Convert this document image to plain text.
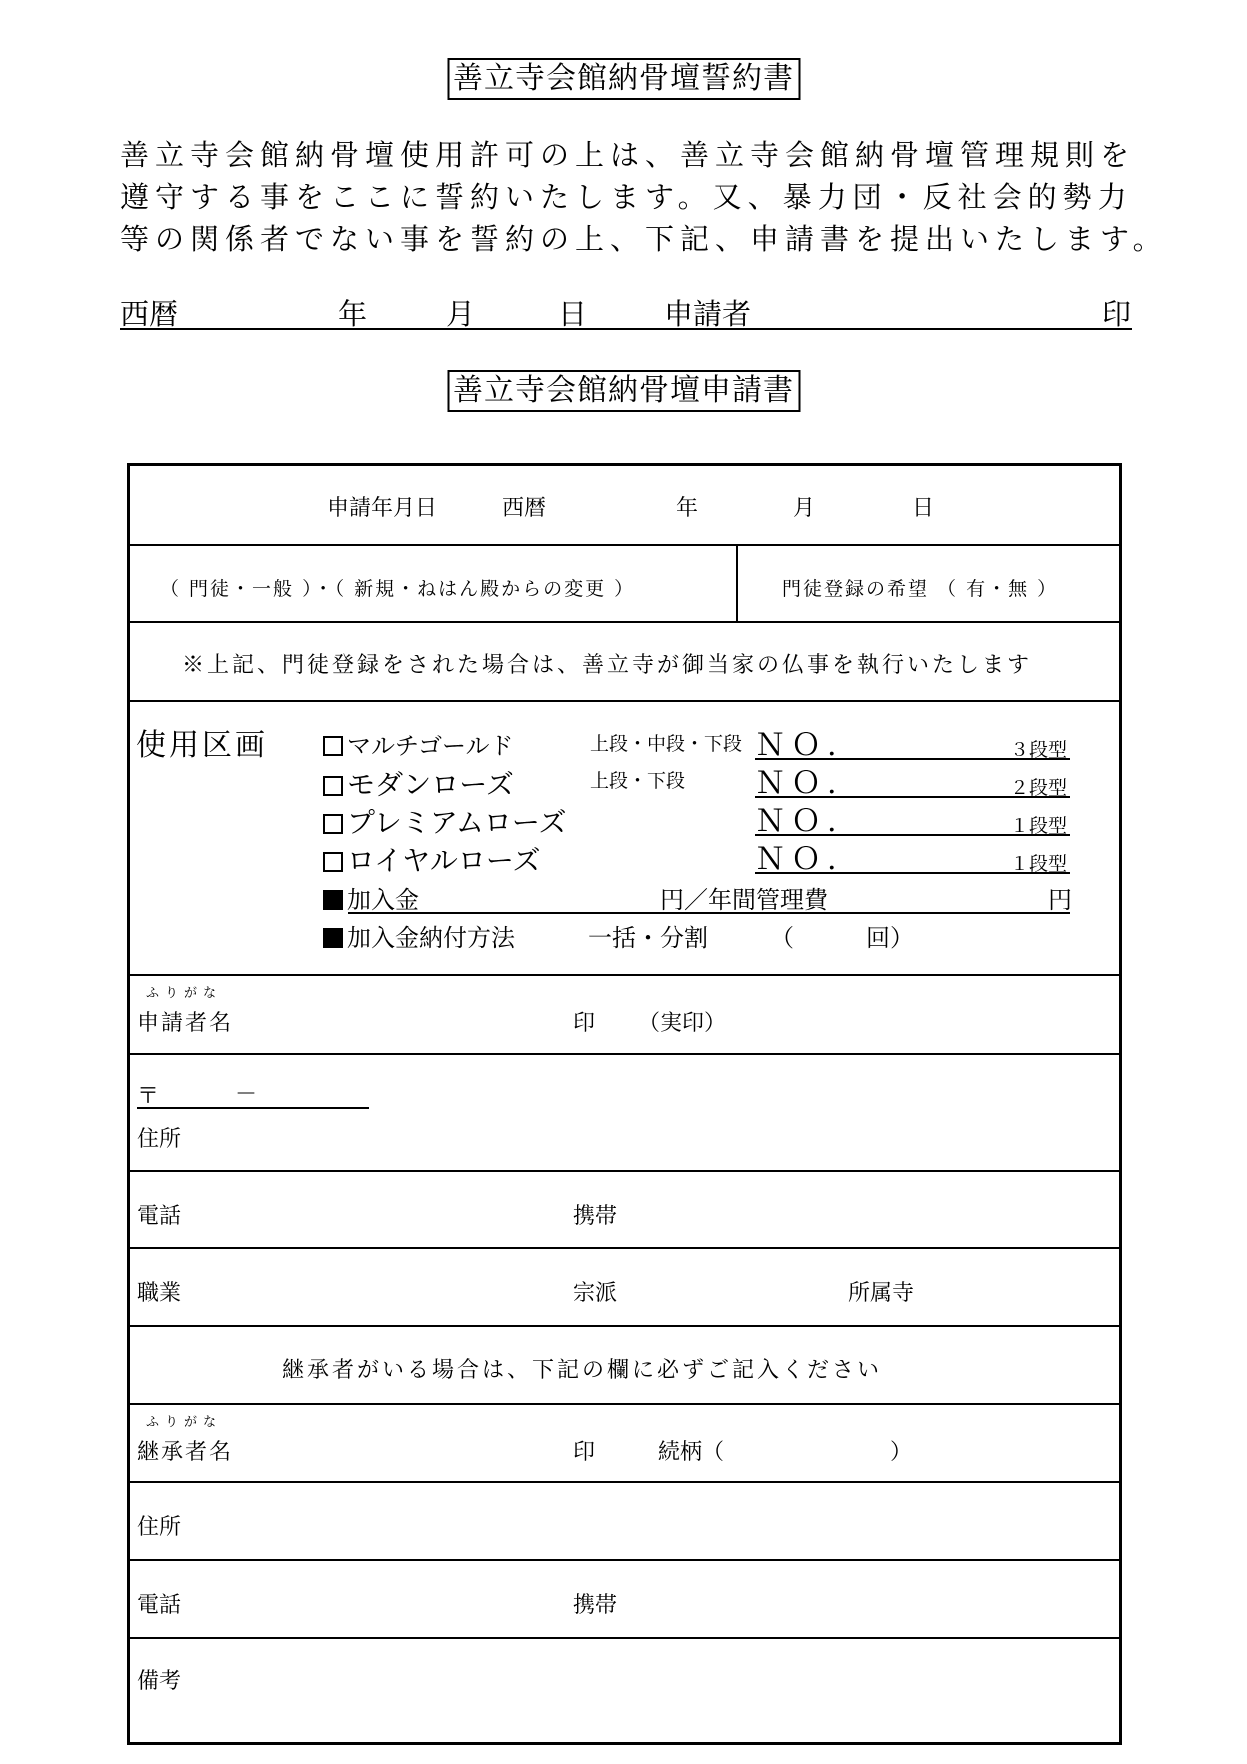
善立寺会館納骨壇誓約書
善立寺会館納骨壇使用許可の上は、善立寺会館納骨壇管理規則を
遵守する事をここに誓約いたします。又、暴力団・反社会的勢力
等の関係者でない事を誓約の上、下記、申請書を提出いたします。
西暦	年	月	日	申請者	印
善立寺会館納骨壇申請書
申請年月日	西暦	年	月	日
（ 門徒・一般 ）・（ 新規・ねはん殿からの変更 ）	門徒登録の希望 （ 有・無 ）
※上記、門徒登録をされた場合は、善立寺が御当家の仏事を執行いたします
使用区画	マルチゴールド	上段・中段・下段 ＮＯ.	３段型
モダンローズ	上段・下段 ＮＯ.	２段型
プレミアムローズ	ＮＯ.	１段型
ロイヤルローズ	ＮＯ.	１段型
加入金	円／年間管理費	円
加入金納付方法	一括・分割	（　　　回）
ふりがな
申請者名	印 （実印）
〒	－
住所
電話	携帯
職業	宗派	所属寺
継承者がいる場合は、下記の欄に必ずご記入ください
ふりがな
継承者名	印	続柄（	）
住所
電話	携帯
備考
